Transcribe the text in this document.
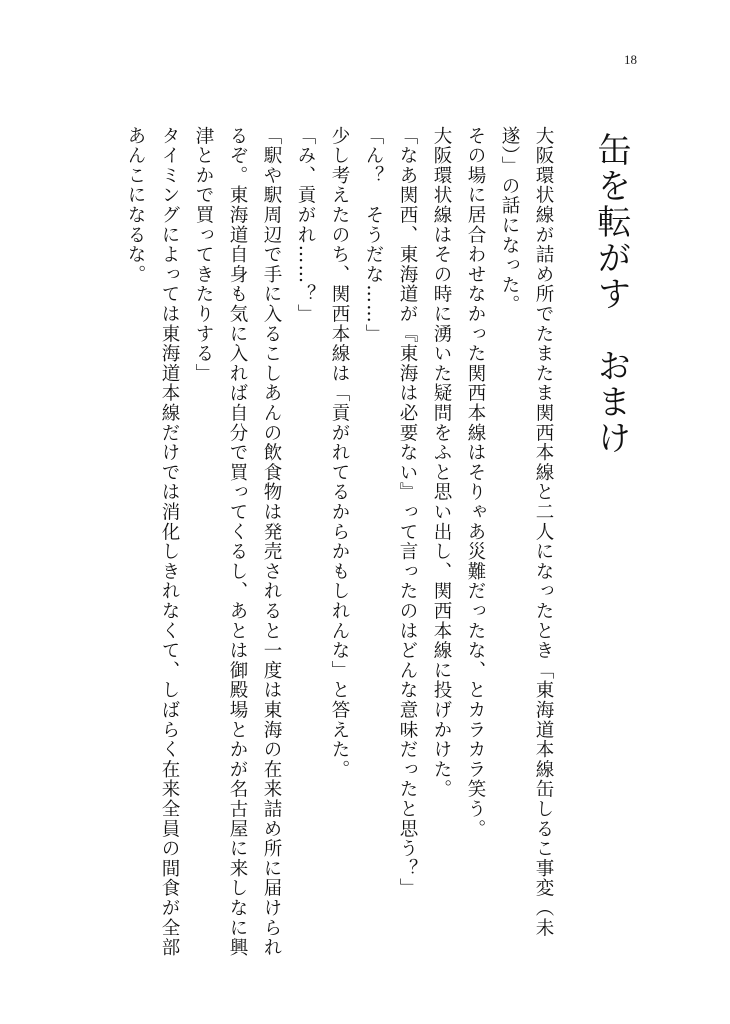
18
缶を転がす　おまけ

大阪環状線が詰め所でたまたま関西本線と二人になったとき「東海道本線缶しるこ事変（未遂）」の話になった。

その場に居合わせなかった関西本線はそりゃあ災難だったな、とカラカラ笑う。

大阪環状線はその時に湧いた疑問をふと思い出し、関西本線に投げかけた。

「なあ関西、東海道が『東海は必要ない』って言ったのはどんな意味だったと思う？」

「ん？　そうだな……」

少し考えたのち、関西本線は「貢がれてるからかもしれんな」と答えた。

「み、貢がれ……？」

「駅や駅周辺で手に入るこしあんの飲食物は発売されると一度は東海の在来詰め所に届けられるぞ。東海道自身も気に入れば自分で買ってくるし、あとは御殿場とかが名古屋に来しなに興津とかで買ってきたりする」

タイミングによっては東海道本線だけでは消化しきれなくて、しばらく在来全員の間食が全部あんこになるな。
